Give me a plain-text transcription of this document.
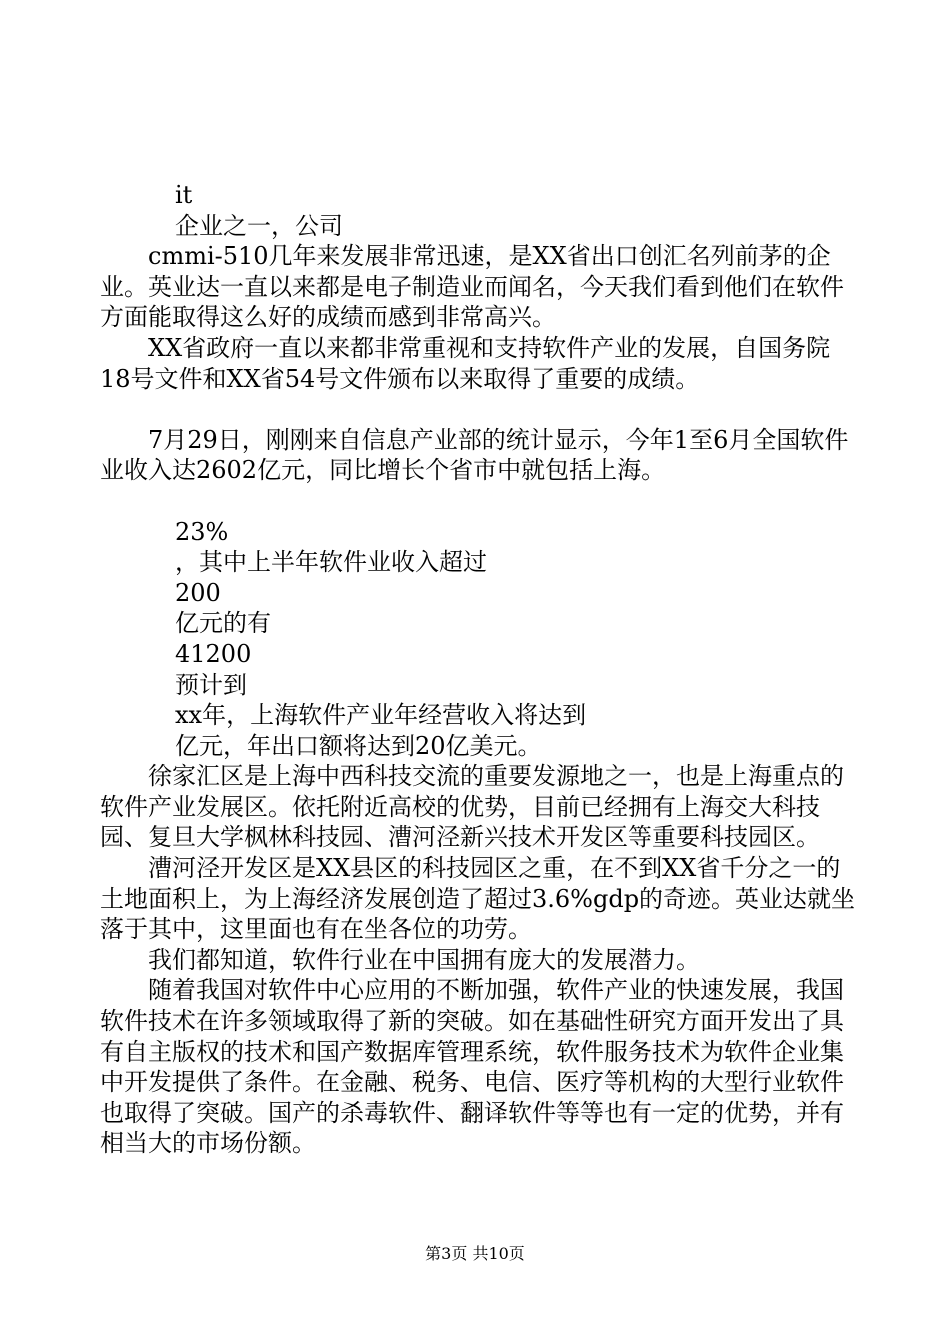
it

企业之一，公司

cmmi-510几年来发展非常迅速，是XX省出口创汇名列前茅的企业。英业达一直以来都是电子制造业而闻名，今天我们看到他们在软件方面能取得这么好的成绩而感到非常高兴。

XX省政府一直以来都非常重视和支持软件产业的发展，自国务院18号文件和XX省54号文件颁布以来取得了重要的成绩。

7月29日，刚刚来自信息产业部的统计显示，今年1至6月全国软件业收入达2602亿元，同比增长个省市中就包括上海。

23%

，其中上半年软件业收入超过

200

亿元的有

41200

预计到

xx年，上海软件产业年经营收入将达到

亿元，年出口额将达到20亿美元。

徐家汇区是上海中西科技交流的重要发源地之一，也是上海重点的软件产业发展区。依托附近高校的优势，目前已经拥有上海交大科技园、复旦大学枫林科技园、漕河泾新兴技术开发区等重要科技园区。

漕河泾开发区是XX县区的科技园区之重，在不到XX省千分之一的土地面积上，为上海经济发展创造了超过3.6%gdp的奇迹。英业达就坐落于其中，这里面也有在坐各位的功劳。

我们都知道，软件行业在中国拥有庞大的发展潜力。

随着我国对软件中心应用的不断加强，软件产业的快速发展，我国软件技术在许多领域取得了新的突破。如在基础性研究方面开发出了具有自主版权的技术和国产数据库管理系统，软件服务技术为软件企业集中开发提供了条件。在金融、税务、电信、医疗等机构的大型行业软件也取得了突破。国产的杀毒软件、翻译软件等等也有一定的优势，并有相当大的市场份额。

第3页 共10页
